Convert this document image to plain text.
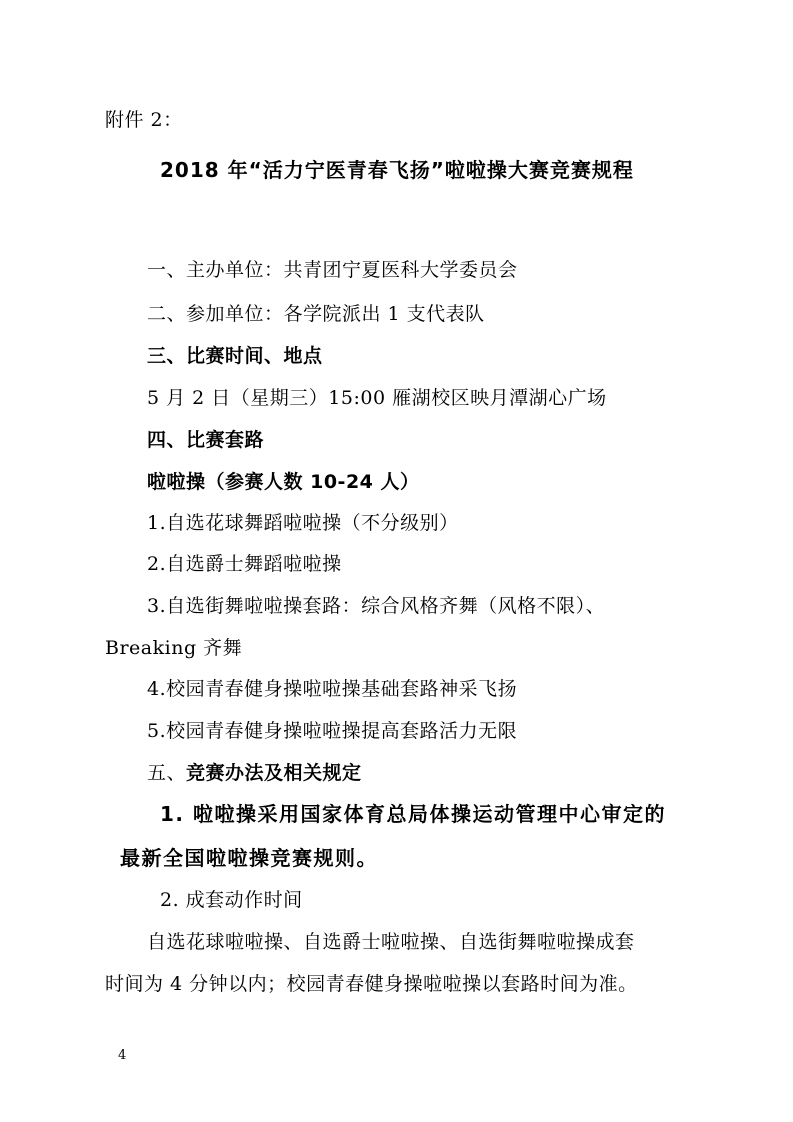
附件 2：
2018 年“活力宁医青春飞扬”啦啦操大赛竞赛规程
一、主办单位：共青团宁夏医科大学委员会
二、参加单位：各学院派出 1 支代表队
三、比赛时间、地点
5 月 2 日（星期三）15:00 雁湖校区映月潭湖心广场
四、比赛套路
啦啦操（参赛人数 10-24 人）
1.自选花球舞蹈啦啦操（不分级别）
2.自选爵士舞蹈啦啦操
3.自选街舞啦啦操套路：综合风格齐舞（风格不限）、
Breaking 齐舞
4.校园青春健身操啦啦操基础套路神采飞扬
5.校园青春健身操啦啦操提高套路活力无限
五、竞赛办法及相关规定
1. 啦啦操采用国家体育总局体操运动管理中心审定的
最新全国啦啦操竞赛规则。
2. 成套动作时间
自选花球啦啦操、自选爵士啦啦操、自选街舞啦啦操成套
时间为 4 分钟以内；校园青春健身操啦啦操以套路时间为准。
4
